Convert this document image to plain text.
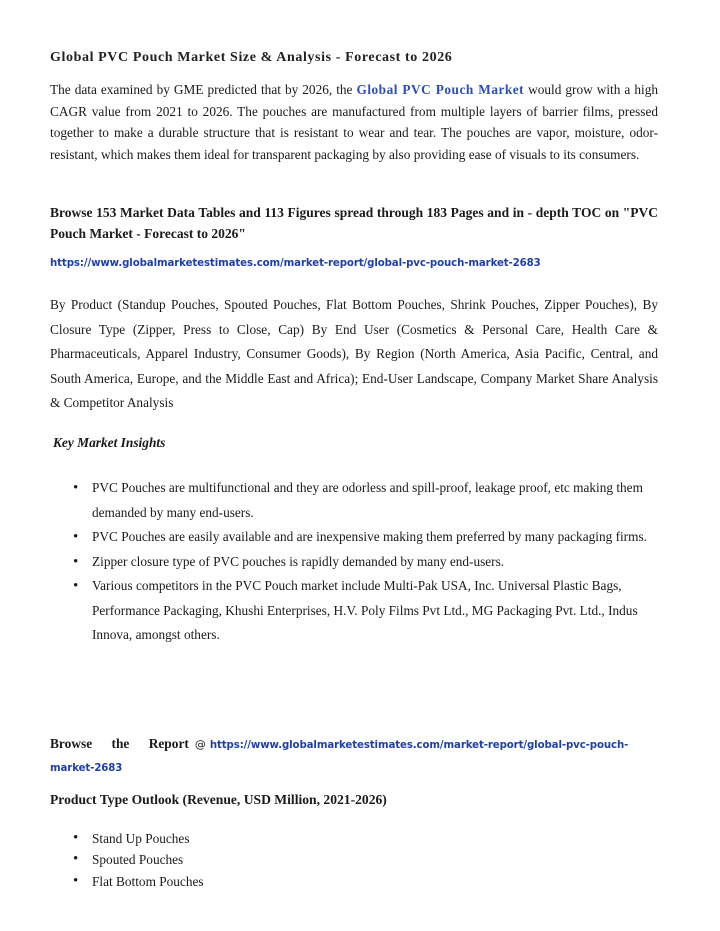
Global PVC Pouch Market Size & Analysis - Forecast to 2026
The data examined by GME predicted that by 2026, the Global PVC Pouch Market would grow with a high CAGR value from 2021 to 2026. The pouches are manufactured from multiple layers of barrier films, pressed together to make a durable structure that is resistant to wear and tear. The pouches are vapor, moisture, odor-resistant, which makes them ideal for transparent packaging by also providing ease of visuals to its consumers.
Browse 153 Market Data Tables and 113 Figures spread through 183 Pages and in - depth TOC on "PVC Pouch Market - Forecast to 2026"
https://www.globalmarketestimates.com/market-report/global-pvc-pouch-market-2683
By Product (Standup Pouches, Spouted Pouches, Flat Bottom Pouches, Shrink Pouches, Zipper Pouches), By Closure Type (Zipper, Press to Close, Cap) By End User (Cosmetics & Personal Care, Health Care & Pharmaceuticals, Apparel Industry, Consumer Goods), By Region (North America, Asia Pacific, Central, and South America, Europe, and the Middle East and Africa); End-User Landscape, Company Market Share Analysis & Competitor Analysis
Key Market Insights
• PVC Pouches are multifunctional and they are odorless and spill-proof, leakage proof, etc making them demanded by many end-users.
• PVC Pouches are easily available and are inexpensive making them preferred by many packaging firms.
• Zipper closure type of PVC pouches is rapidly demanded by many end-users.
• Various competitors in the PVC Pouch market include Multi-Pak USA, Inc. Universal Plastic Bags, Performance Packaging, Khushi Enterprises, H.V. Poly Films Pvt Ltd., MG Packaging Pvt. Ltd., Indus Innova, amongst others.
Browse the Report @ https://www.globalmarketestimates.com/market-report/global-pvc-pouch-market-2683
Product Type Outlook (Revenue, USD Million, 2021-2026)
• Stand Up Pouches
• Spouted Pouches
• Flat Bottom Pouches
